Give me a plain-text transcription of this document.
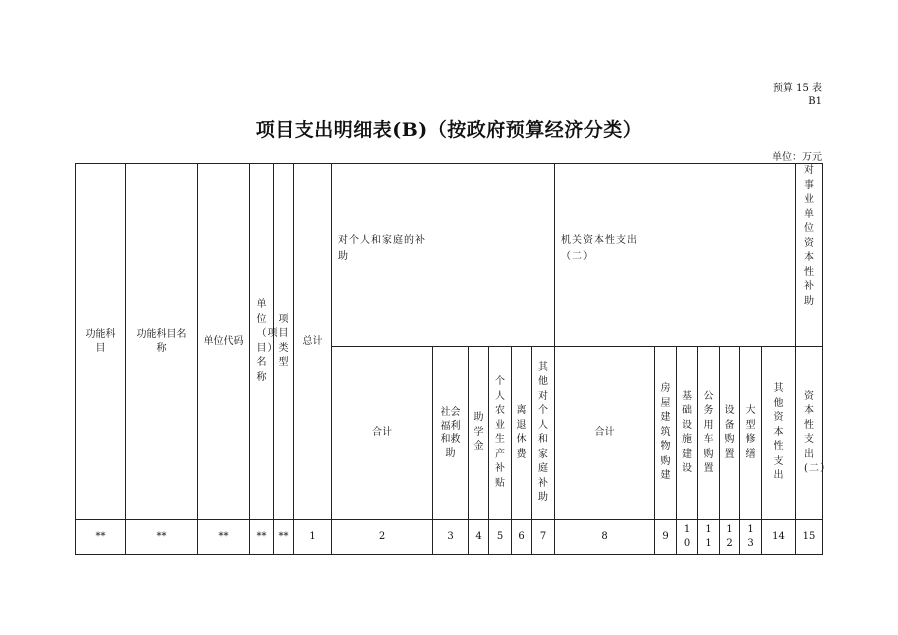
预算 15 表
B1
项目支出明细表(B)（按政府预算经济分类）
单位：万元
功能科目	功能科目名称	单位代码	单位（项目）名称	项目类型	总计	对个人和家庭的补助						机关资本性支出（二）							对事业单位资本性补助
						合计	社会福利和救助	助学金	个人农业生产补贴	离退休费	其他对个人和家庭补助	合计	房屋建筑物购建	基础设施建设	公务用车购置	设备购置	大型修缮	其他资本性支出	资本性支出(二）
**	**	**	**	**	1	2	3	4	5	6	7	8	9	10	11	12	13	14	15
